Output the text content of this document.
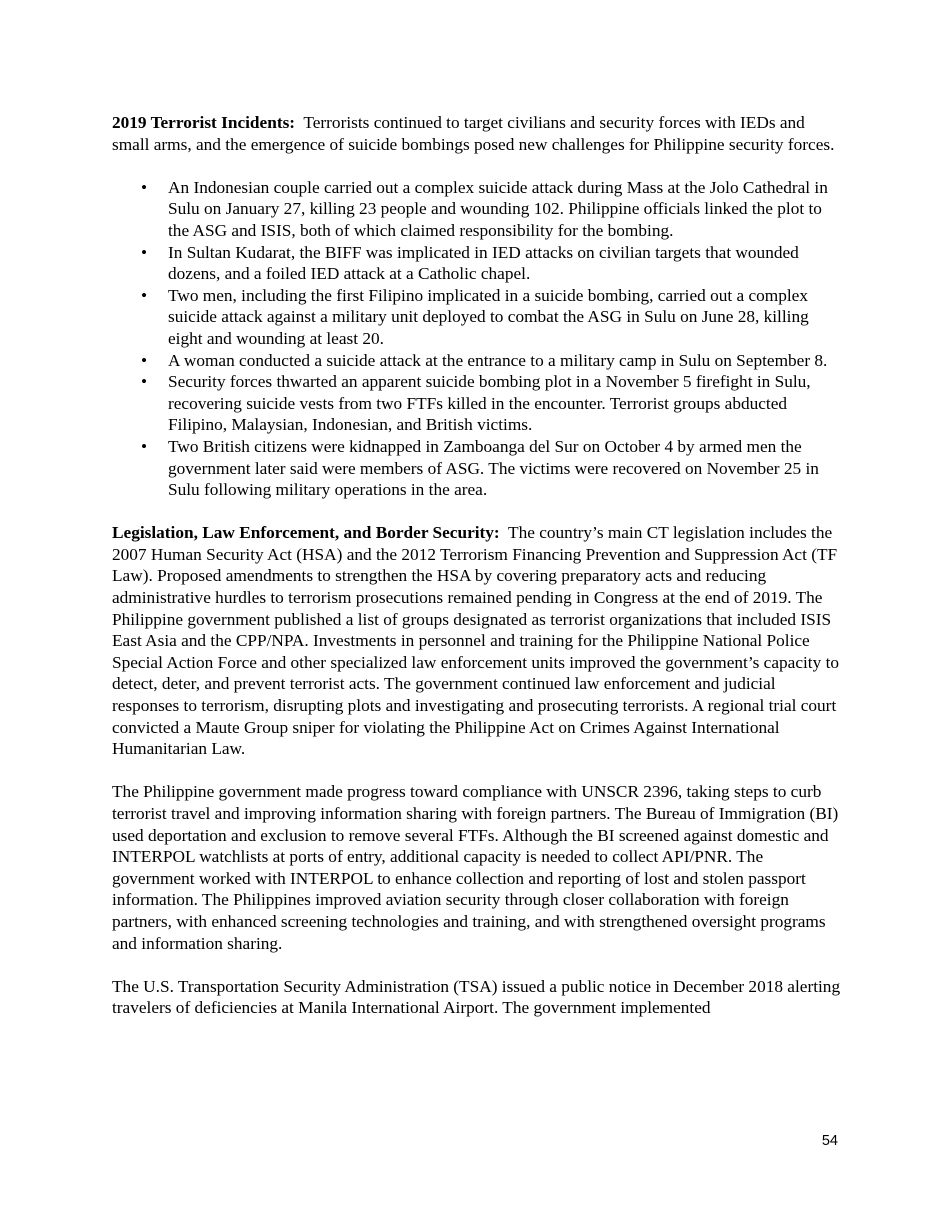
2019 Terrorist Incidents: Terrorists continued to target civilians and security forces with IEDs and small arms, and the emergence of suicide bombings posed new challenges for Philippine security forces.

• An Indonesian couple carried out a complex suicide attack during Mass at the Jolo Cathedral in Sulu on January 27, killing 23 people and wounding 102. Philippine officials linked the plot to the ASG and ISIS, both of which claimed responsibility for the bombing.
• In Sultan Kudarat, the BIFF was implicated in IED attacks on civilian targets that wounded dozens, and a foiled IED attack at a Catholic chapel.
• Two men, including the first Filipino implicated in a suicide bombing, carried out a complex suicide attack against a military unit deployed to combat the ASG in Sulu on June 28, killing eight and wounding at least 20.
• A woman conducted a suicide attack at the entrance to a military camp in Sulu on September 8.
• Security forces thwarted an apparent suicide bombing plot in a November 5 firefight in Sulu, recovering suicide vests from two FTFs killed in the encounter. Terrorist groups abducted Filipino, Malaysian, Indonesian, and British victims.
• Two British citizens were kidnapped in Zamboanga del Sur on October 4 by armed men the government later said were members of ASG. The victims were recovered on November 25 in Sulu following military operations in the area.

Legislation, Law Enforcement, and Border Security: The country’s main CT legislation includes the 2007 Human Security Act (HSA) and the 2012 Terrorism Financing Prevention and Suppression Act (TF Law). Proposed amendments to strengthen the HSA by covering preparatory acts and reducing administrative hurdles to terrorism prosecutions remained pending in Congress at the end of 2019. The Philippine government published a list of groups designated as terrorist organizations that included ISIS East Asia and the CPP/NPA. Investments in personnel and training for the Philippine National Police Special Action Force and other specialized law enforcement units improved the government’s capacity to detect, deter, and prevent terrorist acts. The government continued law enforcement and judicial responses to terrorism, disrupting plots and investigating and prosecuting terrorists. A regional trial court convicted a Maute Group sniper for violating the Philippine Act on Crimes Against International Humanitarian Law.

The Philippine government made progress toward compliance with UNSCR 2396, taking steps to curb terrorist travel and improving information sharing with foreign partners. The Bureau of Immigration (BI) used deportation and exclusion to remove several FTFs. Although the BI screened against domestic and INTERPOL watchlists at ports of entry, additional capacity is needed to collect API/PNR. The government worked with INTERPOL to enhance collection and reporting of lost and stolen passport information. The Philippines improved aviation security through closer collaboration with foreign partners, with enhanced screening technologies and training, and with strengthened oversight programs and information sharing.

The U.S. Transportation Security Administration (TSA) issued a public notice in December 2018 alerting travelers of deficiencies at Manila International Airport. The government implemented

54
